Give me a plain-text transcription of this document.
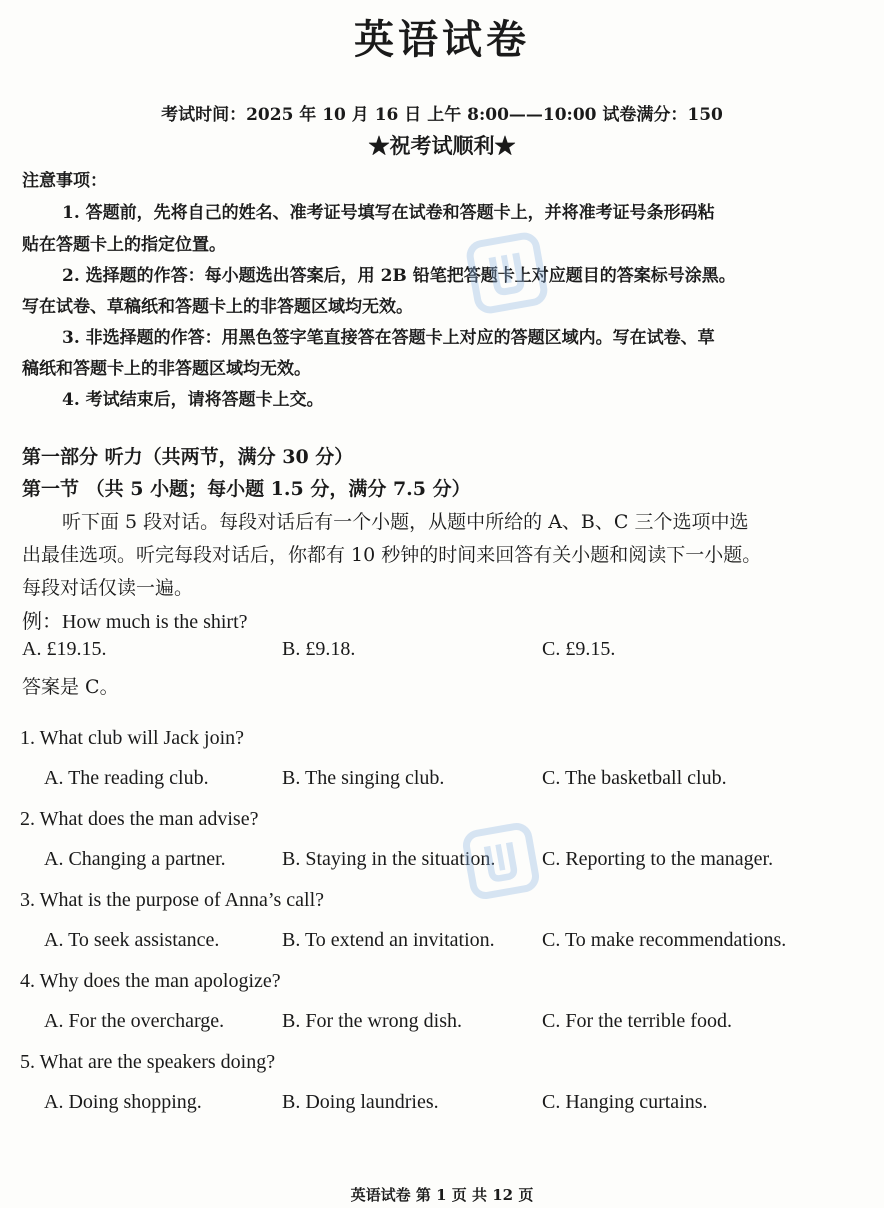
英语试卷
考试时间：2025 年 10 月 16 日 上午 8:00——10:00 试卷满分：150
★祝考试顺利★
注意事项：
1. 答题前，先将自己的姓名、准考证号填写在试卷和答题卡上，并将准考证号条形码粘
贴在答题卡上的指定位置。
2. 选择题的作答：每小题选出答案后，用 2B 铅笔把答题卡上对应题目的答案标号涂黑。
写在试卷、草稿纸和答题卡上的非答题区域均无效。
3. 非选择题的作答：用黑色签字笔直接答在答题卡上对应的答题区域内。写在试卷、草
稿纸和答题卡上的非答题区域均无效。
4. 考试结束后，请将答题卡上交。
第一部分 听力（共两节，满分 30 分）
第一节 （共 5 小题；每小题 1.5 分，满分 7.5 分）
听下面 5 段对话。每段对话后有一个小题，从题中所给的 A、B、C 三个选项中选
出最佳选项。听完每段对话后，你都有 10 秒钟的时间来回答有关小题和阅读下一小题。
每段对话仅读一遍。
例：How much is the shirt?
A. £19.15.	B. £9.18.	C. £9.15.
答案是 C。
1. What club will Jack join?
A. The reading club.	B. The singing club.	C. The basketball club.
2. What does the man advise?
A. Changing a partner.	B. Staying in the situation. C. Reporting to the manager.
3. What is the purpose of Anna’s call?
A. To seek assistance.	B. To extend an invitation. C. To make recommendations.
4. Why does the man apologize?
A. For the overcharge.	B. For the wrong dish.	C. For the terrible food.
5. What are the speakers doing?
A. Doing shopping.	B. Doing laundries.	C. Hanging curtains.
英语试卷 第 1 页 共 12 页
